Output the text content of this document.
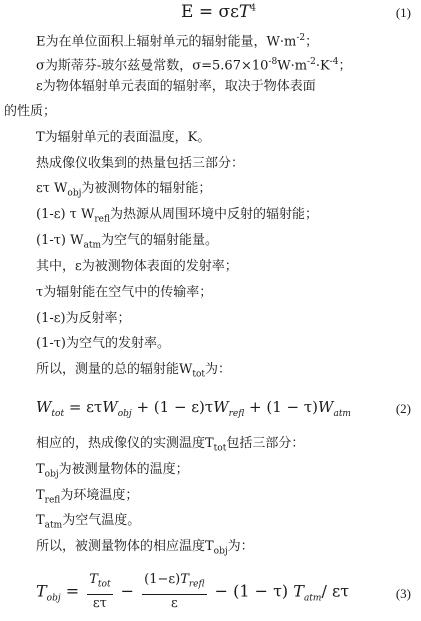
E = σεT$^4$	(1)
E为在单位面积上辐射单元的辐射能量，$W\cdot m^{-2}$；
σ为斯蒂芬-玻尔兹曼常数，$\sigma=5.67\times 10^{-8}W\cdot m^{-2}\cdot K^{-4}$；
ε为物体辐射单元表面的辐射率，取决于物体表面
的性质；
T为辐射单元的表面温度，K。
热成像仪收集到的热量包括三部分：
ετ $W_{obj}$为被测物体的辐射能；
(1-ε) τ $W_{refl}$为热源从周围环境中反射的辐射能；
(1-τ) $W_{atm}$为空气的辐射能量。
其中，ε为被测物体表面的发射率；
τ为辐射能在空气中的传输率；
(1-ε)为反射率；
(1-τ)为空气的发射率。
所以，测量的总的辐射能$W_{tot}$为：
$W_{tot} = \varepsilon\tau W_{obj} + (1 - \varepsilon)\tau W_{refl} + (1 - \tau)W_{atm}$	(2)
相应的，热成像仪的实测温度$T_{tot}$包括三部分：
$T_{obj}$为被测量物体的温度；
$T_{refl}$为环境温度；
$T_{atm}$为空气温度。
所以，被测量物体的相应温度$T_{obj}$为：
$T_{obj} = \frac{T_{tot}}{\varepsilon\tau} - \frac{(1-\varepsilon)T_{refl}}{\varepsilon} - (1 - \tau)$ $T_{atm}/$ ετ	(3)
